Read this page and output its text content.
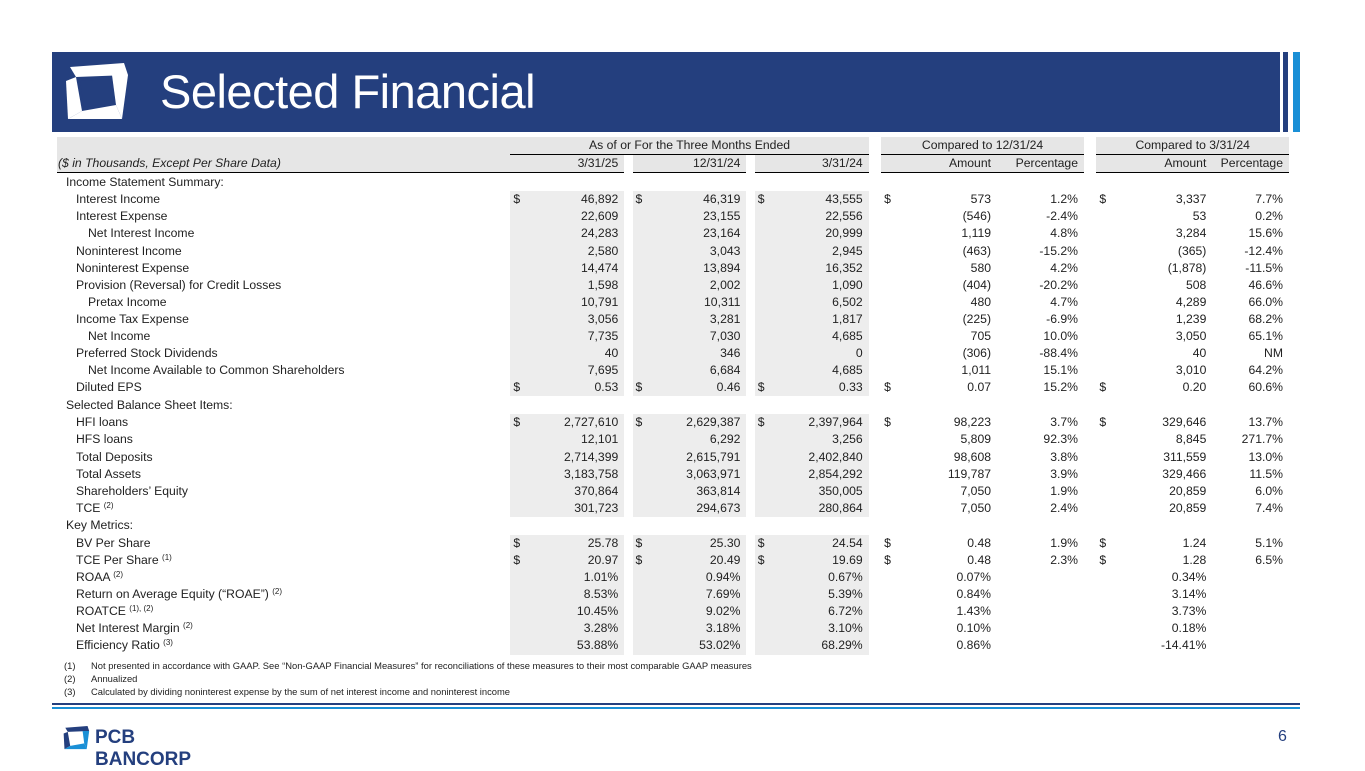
Selected Financial
	As of or For the Three Months Ended									Compared to 12/31/24				Compared to 3/31/24		
($ in Thousands, Except Per Share Data)	3/31/25			12/31/24			3/31/24			Amount		Percentage		Amount		Percentage
Income Statement Summary:																
Interest Income	$	46,892		$	46,319		$	43,555		$	573	1.2%		$	3,337	7.7%
Interest Expense		22,609			23,155			22,556			(546)	-2.4%			53	0.2%
Net Interest Income		24,283			23,164			20,999			1,119	4.8%			3,284	15.6%
Noninterest Income		2,580			3,043			2,945			(463)	-15.2%			(365)	-12.4%
Noninterest Expense		14,474			13,894			16,352			580	4.2%			(1,878)	-11.5%
Provision (Reversal) for Credit Losses		1,598			2,002			1,090			(404)	-20.2%			508	46.6%
Pretax Income		10,791			10,311			6,502			480	4.7%			4,289	66.0%
Income Tax Expense		3,056			3,281			1,817			(225)	-6.9%			1,239	68.2%
Net Income		7,735			7,030			4,685			705	10.0%			3,050	65.1%
Preferred Stock Dividends		40			346			0			(306)	-88.4%			40	NM
Net Income Available to Common Shareholders		7,695			6,684			4,685			1,011	15.1%			3,010	64.2%
Diluted EPS	$	0.53		$	0.46		$	0.33		$	0.07	15.2%		$	0.20	60.6%
Selected Balance Sheet Items:																
HFI loans	$	2,727,610		$	2,629,387		$	2,397,964		$	98,223	3.7%		$	329,646	13.7%
HFS loans		12,101			6,292			3,256			5,809	92.3%			8,845	271.7%
Total Deposits		2,714,399			2,615,791			2,402,840			98,608	3.8%			311,559	13.0%
Total Assets		3,183,758			3,063,971			2,854,292			119,787	3.9%			329,466	11.5%
Shareholders’ Equity		370,864			363,814			350,005			7,050	1.9%			20,859	6.0%
TCE $^{(2)}$		301,723			294,673			280,864			7,050	2.4%			20,859	7.4%
Key Metrics:																
BV Per Share	$	25.78		$	25.30		$	24.54		$	0.48	1.9%		$	1.24	5.1%
TCE Per Share $^{(1)}$	$	20.97		$	20.49		$	19.69		$	0.48	2.3%		$	1.28	6.5%
ROAA $^{(2)}$		1.01%			0.94%			0.67%			0.07%				0.34%	
Return on Average Equity (“ROAE”) $^{(2)}$		8.53%			7.69%			5.39%			0.84%				3.14%	
ROATCE $^{(1), (2)}$		10.45%			9.02%			6.72%			1.43%				3.73%	
Net Interest Margin $^{(2)}$		3.28%			3.18%			3.10%			0.10%				0.18%	
Efficiency Ratio $^{(3)}$		53.88%			53.02%			68.29%			0.86%				-14.41%	
(1) Not presented in accordance with GAAP. See “Non-GAAP Financial Measures” for reconciliations of these measures to their most comparable GAAP measures
(2) Annualized
(3) Calculated by dividing noninterest expense by the sum of net interest income and noninterest income
PCB BANCORP
6
